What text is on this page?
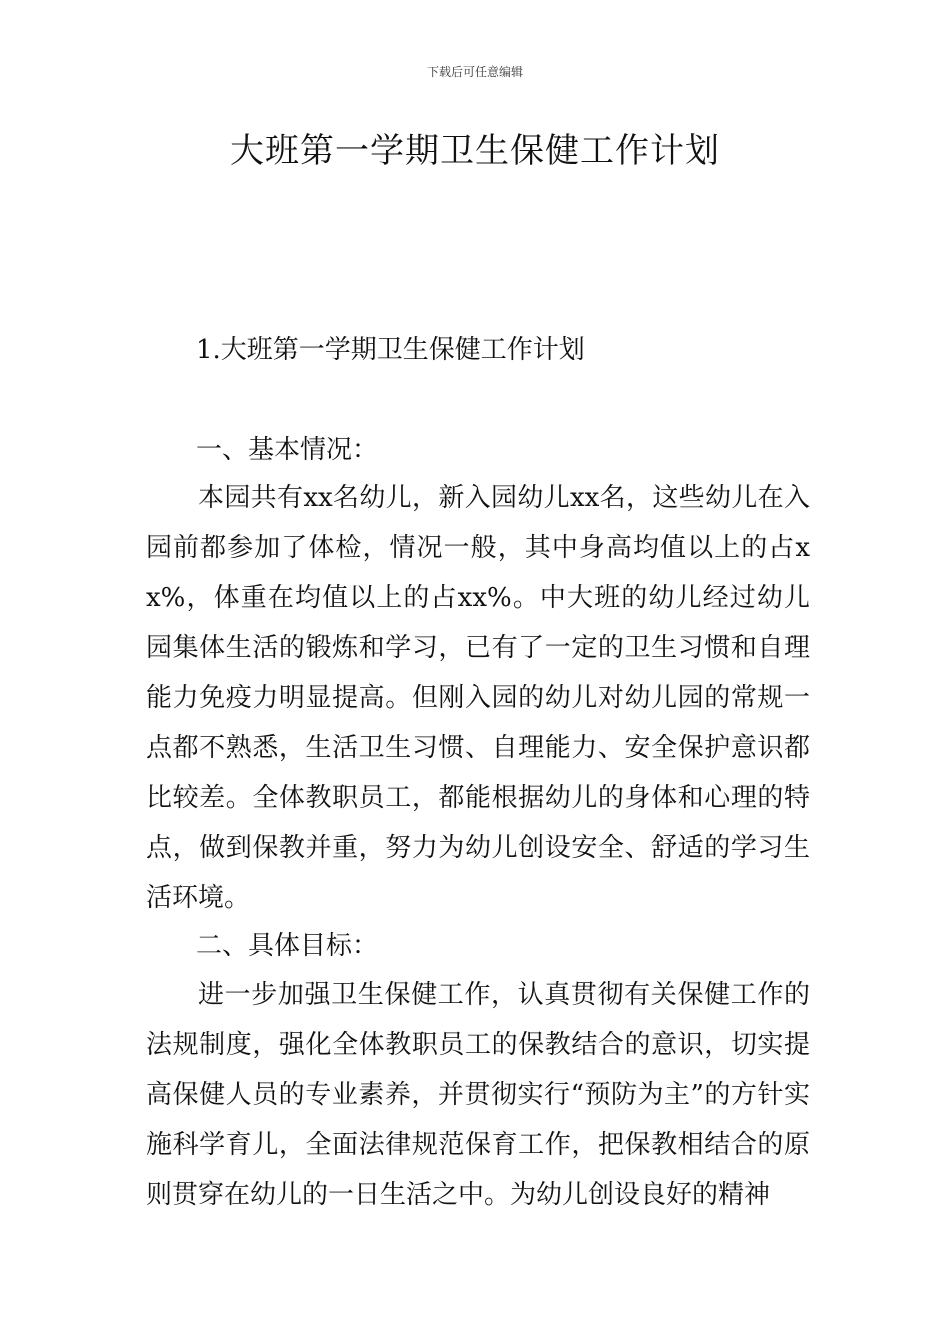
下载后可任意编辑
大班第一学期卫生保健工作计划
1.大班第一学期卫生保健工作计划
一、基本情况：

本园共有xx名幼儿，新入园幼儿xx名，这些幼儿在入园前都参加了体检，情况一般，其中身高均值以上的占xx%，体重在均值以上的占xx%。中大班的幼儿经过幼儿园集体生活的锻炼和学习，已有了一定的卫生习惯和自理能力免疫力明显提高。但刚入园的幼儿对幼儿园的常规一点都不熟悉，生活卫生习惯、自理能力、安全保护意识都比较差。全体教职员工，都能根据幼儿的身体和心理的特点，做到保教并重，努力为幼儿创设安全、舒适的学习生活环境。

二、具体目标：

进一步加强卫生保健工作，认真贯彻有关保健工作的法规制度，强化全体教职员工的保教结合的意识，切实提高保健人员的专业素养，并贯彻实行“预防为主”的方针实施科学育儿，全面法律规范保育工作，把保教相结合的原则贯穿在幼儿的一日生活之中。为幼儿创设良好的精神
